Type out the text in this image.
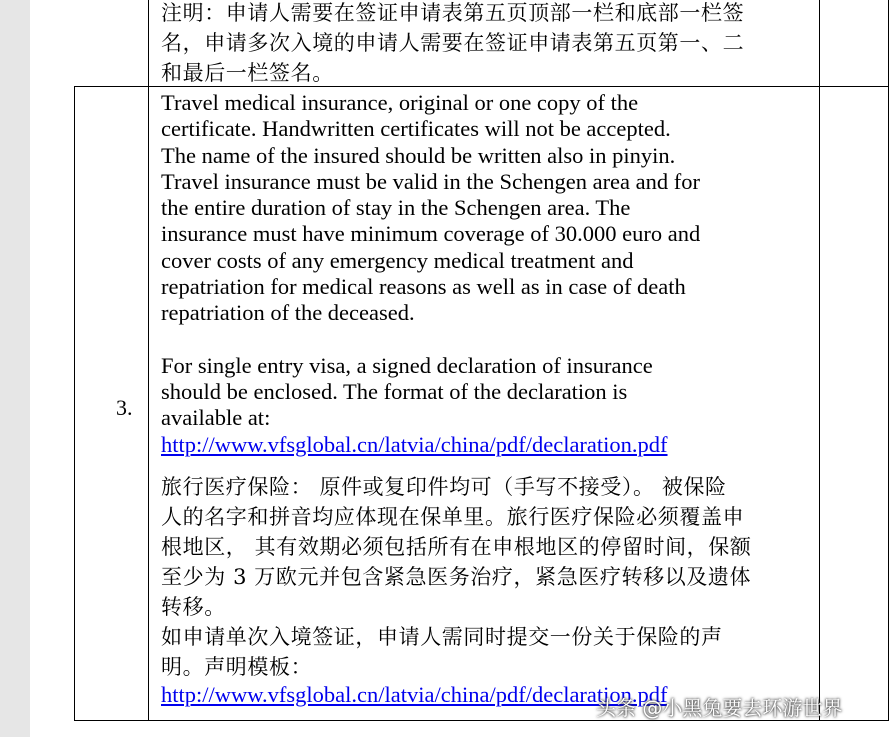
注明：申请人需要在签证申请表第五页顶部一栏和底部一栏签
名，申请多次入境的申请人需要在签证申请表第五页第一、二
和最后一栏签名。
3.
Travel medical insurance, original or one copy of the
certificate. Handwritten certificates will not be accepted.
The name of the insured should be written also in pinyin.
Travel insurance must be valid in the Schengen area and for
the entire duration of stay in the Schengen area. The
insurance must have minimum coverage of 30.000 euro and
cover costs of any emergency medical treatment and
repatriation for medical reasons as well as in case of death
repatriation of the deceased.
For single entry visa, a signed declaration of insurance
should be enclosed. The format of the declaration is
available at:
http://www.vfsglobal.cn/latvia/china/pdf/declaration.pdf
旅行医疗保险： 原件或复印件均可（手写不接受）。 被保险
人的名字和拼音均应体现在保单里。旅行医疗保险必须覆盖申
根地区， 其有效期必须包括所有在申根地区的停留时间，保额
至少为 3 万欧元并包含紧急医务治疗，紧急医疗转移以及遗体
转移。
如申请单次入境签证，申请人需同时提交一份关于保险的声
明。声明模板：
http://www.vfsglobal.cn/latvia/china/pdf/declaration.pdf
头条 @小黑兔要去环游世界
